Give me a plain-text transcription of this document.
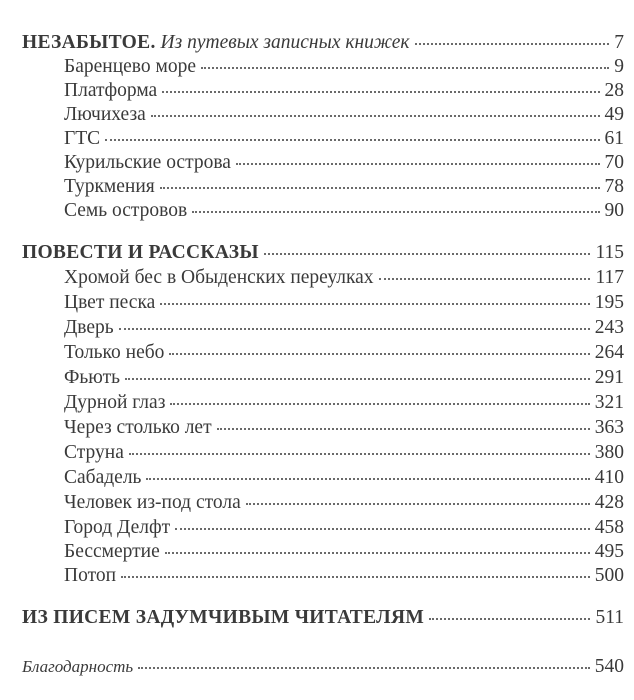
НЕЗАБЫТОЕ. Из путевых записных книжек	7
Баренцево море	9
Платформа	28
Лючихеза	49
ГТС	61
Курильские острова	70
Туркмения	78
Семь островов	90
ПОВЕСТИ И РАССКАЗЫ	115
Хромой бес в Обыденских переулках	117
Цвет песка	195
Дверь	243
Только небо	264
Фьють	291
Дурной глаз	321
Через столько лет	363
Струна	380
Сабадель	410
Человек из-под стола	428
Город Делфт	458
Бессмертие	495
Потоп	500
ИЗ ПИСЕМ ЗАДУМЧИВЫМ ЧИТАТЕЛЯМ	511
Благодарность	540
